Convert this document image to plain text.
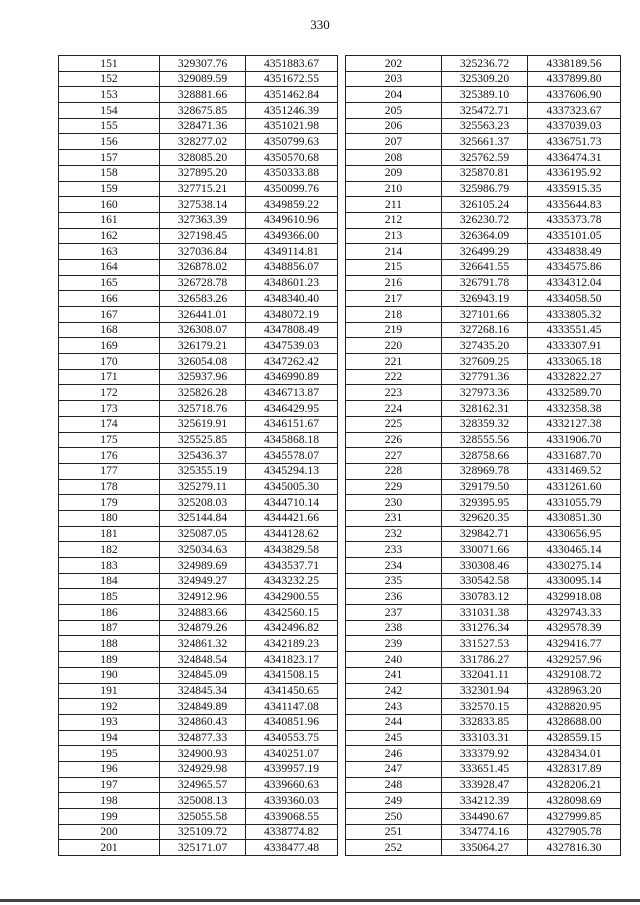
330
151	329307.76	4351883.67
152	329089.59	4351672.55
153	328881.66	4351462.84
154	328675.85	4351246.39
155	328471.36	4351021.98
156	328277.02	4350799.63
157	328085.20	4350570.68
158	327895.20	4350333.88
159	327715.21	4350099.76
160	327538.14	4349859.22
161	327363.39	4349610.96
162	327198.45	4349366.00
163	327036.84	4349114.81
164	326878.02	4348856.07
165	326728.78	4348601.23
166	326583.26	4348340.40
167	326441.01	4348072.19
168	326308.07	4347808.49
169	326179.21	4347539.03
170	326054.08	4347262.42
171	325937.96	4346990.89
172	325826.28	4346713.87
173	325718.76	4346429.95
174	325619.91	4346151.67
175	325525.85	4345868.18
176	325436.37	4345578.07
177	325355.19	4345294.13
178	325279.11	4345005.30
179	325208.03	4344710.14
180	325144.84	4344421.66
181	325087.05	4344128.62
182	325034.63	4343829.58
183	324989.69	4343537.71
184	324949.27	4343232.25
185	324912.96	4342900.55
186	324883.66	4342560.15
187	324879.26	4342496.82
188	324861.32	4342189.23
189	324848.54	4341823.17
190	324845.09	4341508.15
191	324845.34	4341450.65
192	324849.89	4341147.08
193	324860.43	4340851.96
194	324877.33	4340553.75
195	324900.93	4340251.07
196	324929.98	4339957.19
197	324965.57	4339660.63
198	325008.13	4339360.03
199	325055.58	4339068.55
200	325109.72	4338774.82
201	325171.07	4338477.48
202	325236.72	4338189.56
203	325309.20	4337899.80
204	325389.10	4337606.90
205	325472.71	4337323.67
206	325563.23	4337039.03
207	325661.37	4336751.73
208	325762.59	4336474.31
209	325870.81	4336195.92
210	325986.79	4335915.35
211	326105.24	4335644.83
212	326230.72	4335373.78
213	326364.09	4335101.05
214	326499.29	4334838.49
215	326641.55	4334575.86
216	326791.78	4334312.04
217	326943.19	4334058.50
218	327101.66	4333805.32
219	327268.16	4333551.45
220	327435.20	4333307.91
221	327609.25	4333065.18
222	327791.36	4332822.27
223	327973.36	4332589.70
224	328162.31	4332358.38
225	328359.32	4332127.38
226	328555.56	4331906.70
227	328758.66	4331687.70
228	328969.78	4331469.52
229	329179.50	4331261.60
230	329395.95	4331055.79
231	329620.35	4330851.30
232	329842.71	4330656.95
233	330071.66	4330465.14
234	330308.46	4330275.14
235	330542.58	4330095.14
236	330783.12	4329918.08
237	331031.38	4329743.33
238	331276.34	4329578.39
239	331527.53	4329416.77
240	331786.27	4329257.96
241	332041.11	4329108.72
242	332301.94	4328963.20
243	332570.15	4328820.95
244	332833.85	4328688.00
245	333103.31	4328559.15
246	333379.92	4328434.01
247	333651.45	4328317.89
248	333928.47	4328206.21
249	334212.39	4328098.69
250	334490.67	4327999.85
251	334774.16	4327905.78
252	335064.27	4327816.30
